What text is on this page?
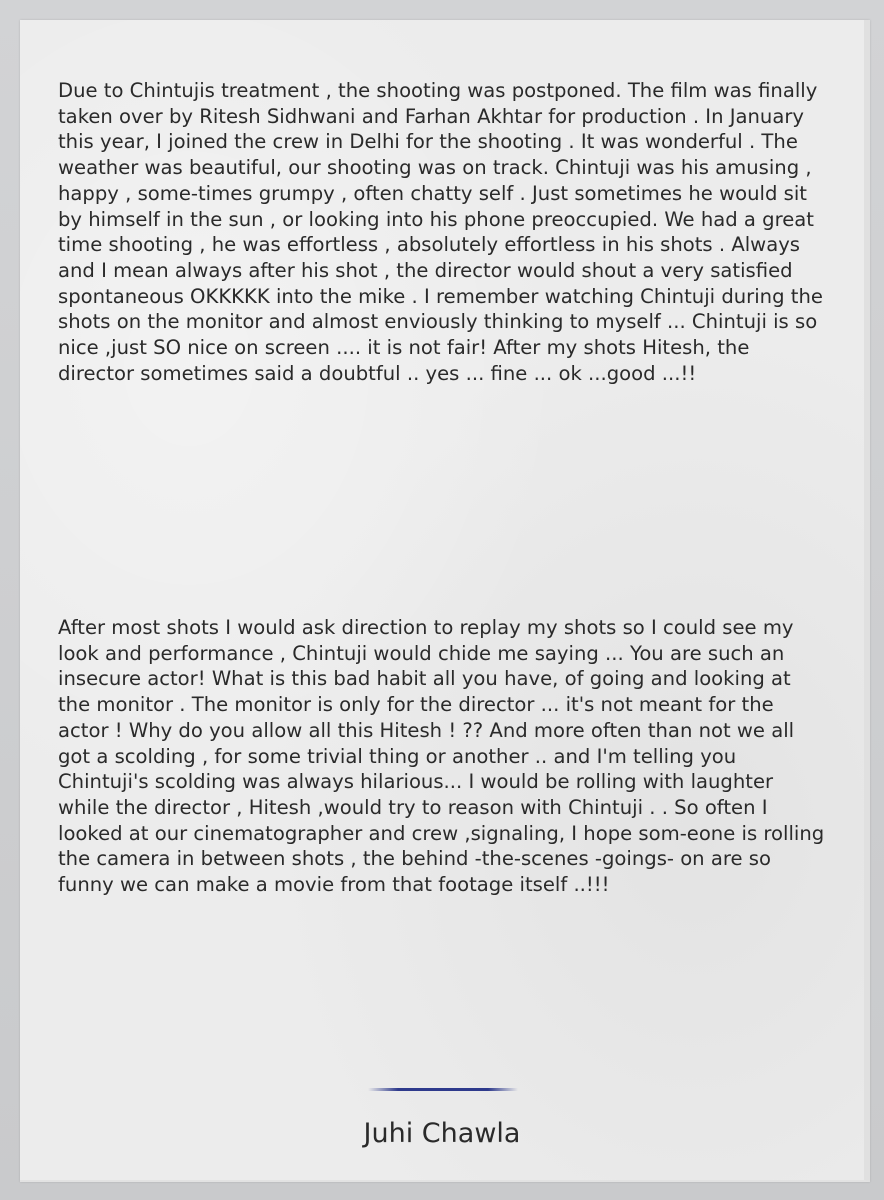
Due to Chintujis treatment , the shooting was postponed. The film was finally taken over by Ritesh Sidhwani and Farhan Akhtar for production . In January this year, I joined the crew in Delhi for the shooting . It was wonderful . The weather was beautiful, our shooting was on track. Chintuji was his amusing , happy , some-times grumpy , often chatty self . Just sometimes he would sit by himself in the sun , or looking into his phone preoccupied. We had a great time shooting , he was effortless , absolutely effortless in his shots . Always and I mean always after his shot , the director would shout a very satisfied spontaneous OKKKKK into the mike . I remember watching Chintuji during the shots on the monitor and almost enviously thinking to myself ... Chintuji is so nice ,just SO nice on screen .... it is not fair! After my shots Hitesh, the director sometimes said a doubtful .. yes ... fine ... ok ...good ...!!

After most shots I would ask direction to replay my shots so I could see my look and performance , Chintuji would chide me saying ... You are such an insecure actor! What is this bad habit all you have, of going and looking at the monitor . The monitor is only for the director ... it's not meant for the actor ! Why do you allow all this Hitesh ! ?? And more often than not we all got a scolding , for some trivial thing or another .. and I'm telling you Chintuji's scolding was always hilarious... I would be rolling with laughter while the director , Hitesh ,would try to reason with Chintuji . . So often I looked at our cinematographer and crew ,signaling, I hope som-eone is rolling the camera in between shots , the behind -the-scenes -goings- on are so funny we can make a movie from that footage itself ..!!!

Juhi Chawla
